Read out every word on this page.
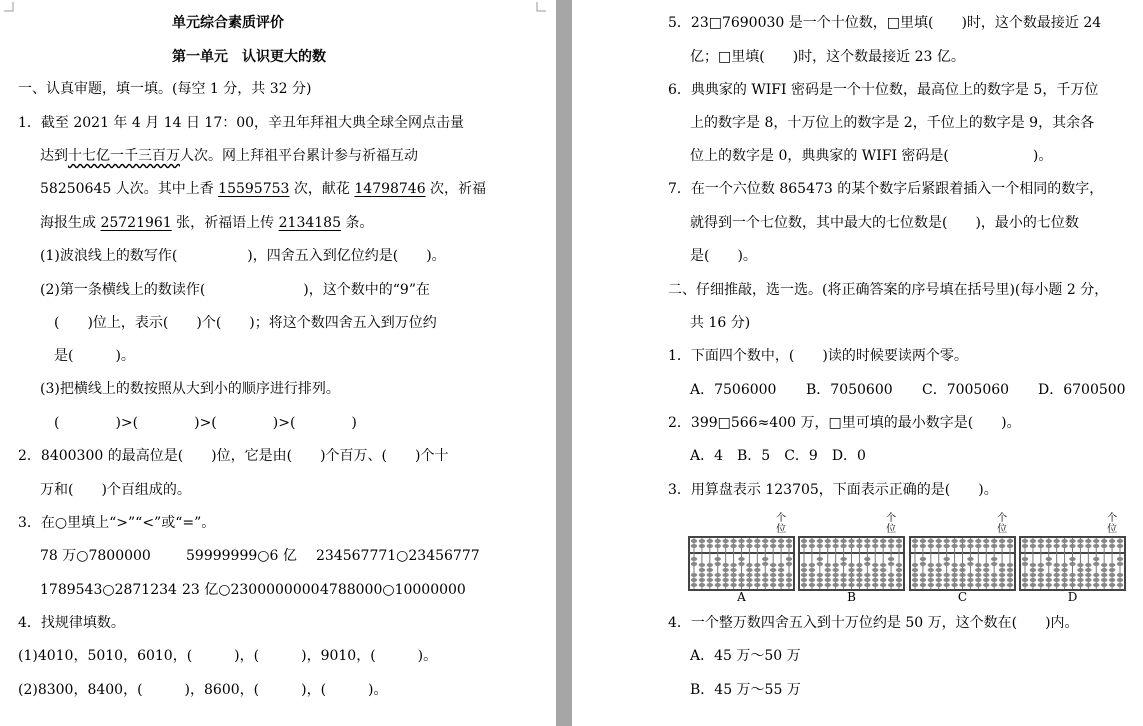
单元综合素质评价
第一单元　认识更大的数
一、认真审题，填一填。(每空 1 分，共 32 分)
1．截至 2021 年 4 月 14 日 17：00，辛丑年拜祖大典全球全网点击量
达到十七亿一千三百万人次。网上拜祖平台累计参与祈福互动
58250645 人次。其中上香 15595753 次，献花 14798746 次，祈福
海报生成 25721961 张，祈福语上传 2134185 条。
(1)波浪线上的数写作(　　　　　)，四舍五入到亿位约是(　　)。
(2)第一条横线上的数读作(　　　　　　　)，这个数中的“9”在
(　　)位上，表示(　　)个(　　)；将这个数四舍五入到万位约
是(　　　)。
(3)把横线上的数按照从大到小的顺序进行排列。
(　　　　)>(　　　　)>(　　　　)>(　　　　)
2．8400300 的最高位是(　　)位，它是由(　　)个百万、(　　)个十
万和(　　)个百组成的。
3．在○里填上“>”“<”或“=”。
78 万○7800000	59999999○6 亿 234567771○23456777
1789543○2871234 23 亿○2300000000 4788000○10000000
4．找规律填数。
(1)4010，5010，6010，(　　　)，(　　　)，9010，(　　　)。
(2)8300，8400，(　　　)，8600，(　　　)，(　　　)。
5．23□7690030 是一个十位数，□里填(　　)时，这个数最接近 24
亿；□里填(　　)时，这个数最接近 23 亿。
6．典典家的 WIFI 密码是一个十位数，最高位上的数字是 5，千万位
上的数字是 8，十万位上的数字是 2，千位上的数字是 9，其余各
位上的数字是 0，典典家的 WIFI 密码是(　　　　　　)。
7．在一个六位数 865473 的某个数字后紧跟着插入一个相同的数字，
就得到一个七位数，其中最大的七位数是(　　)，最小的七位数
是(　　)。
二、仔细推敲，选一选。(将正确答案的序号填在括号里)(每小题 2 分，
共 16 分)
1．下面四个数中，(　　)读的时候要读两个零。
A．7506000 B．7050600 C．7005060 D．6700500
2．399□566≈400 万，□里可填的最小数字是(　　)。
A．4　B．5　C．9　D．0
3．用算盘表示 123705，下面表示正确的是(　　)。
个
位
A
个
位
B
个
位
C
个
位
D
4．一个整万数四舍五入到十万位约是 50 万，这个数在(　　)内。
A．45 万～50 万
B．45 万～55 万
